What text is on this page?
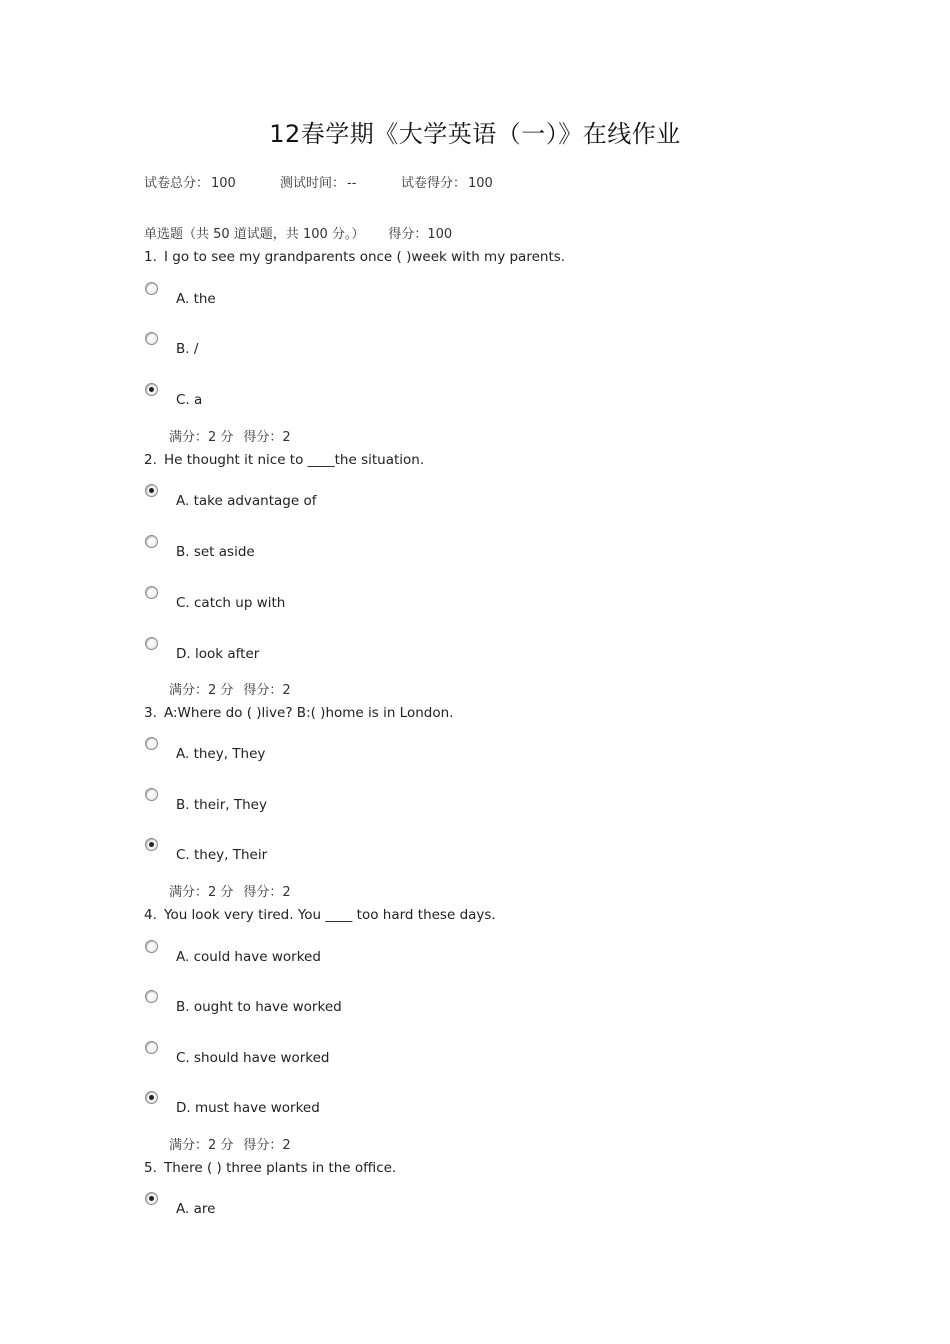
12春学期《大学英语（一）》在线作业
试卷总分： 100	测试时间： --	试卷得分： 100
单选题（共 50 道试题，共 100 分。） 得分：100
1. I go to see my grandparents once ( )week with my parents.
A. the
B. /
C. a
满分：2 分 得分：2
2. He thought it nice to ____the situation.
A. take advantage of
B. set aside
C. catch up with
D. look after
满分：2 分 得分：2
3. A:Where do ( )live? B:( )home is in London.
A. they, They
B. their, They
C. they, Their
满分：2 分 得分：2
4. You look very tired. You ____ too hard these days.
A. could have worked
B. ought to have worked
C. should have worked
D. must have worked
满分：2 分 得分：2
5. There ( ) three plants in the office.
A. are
